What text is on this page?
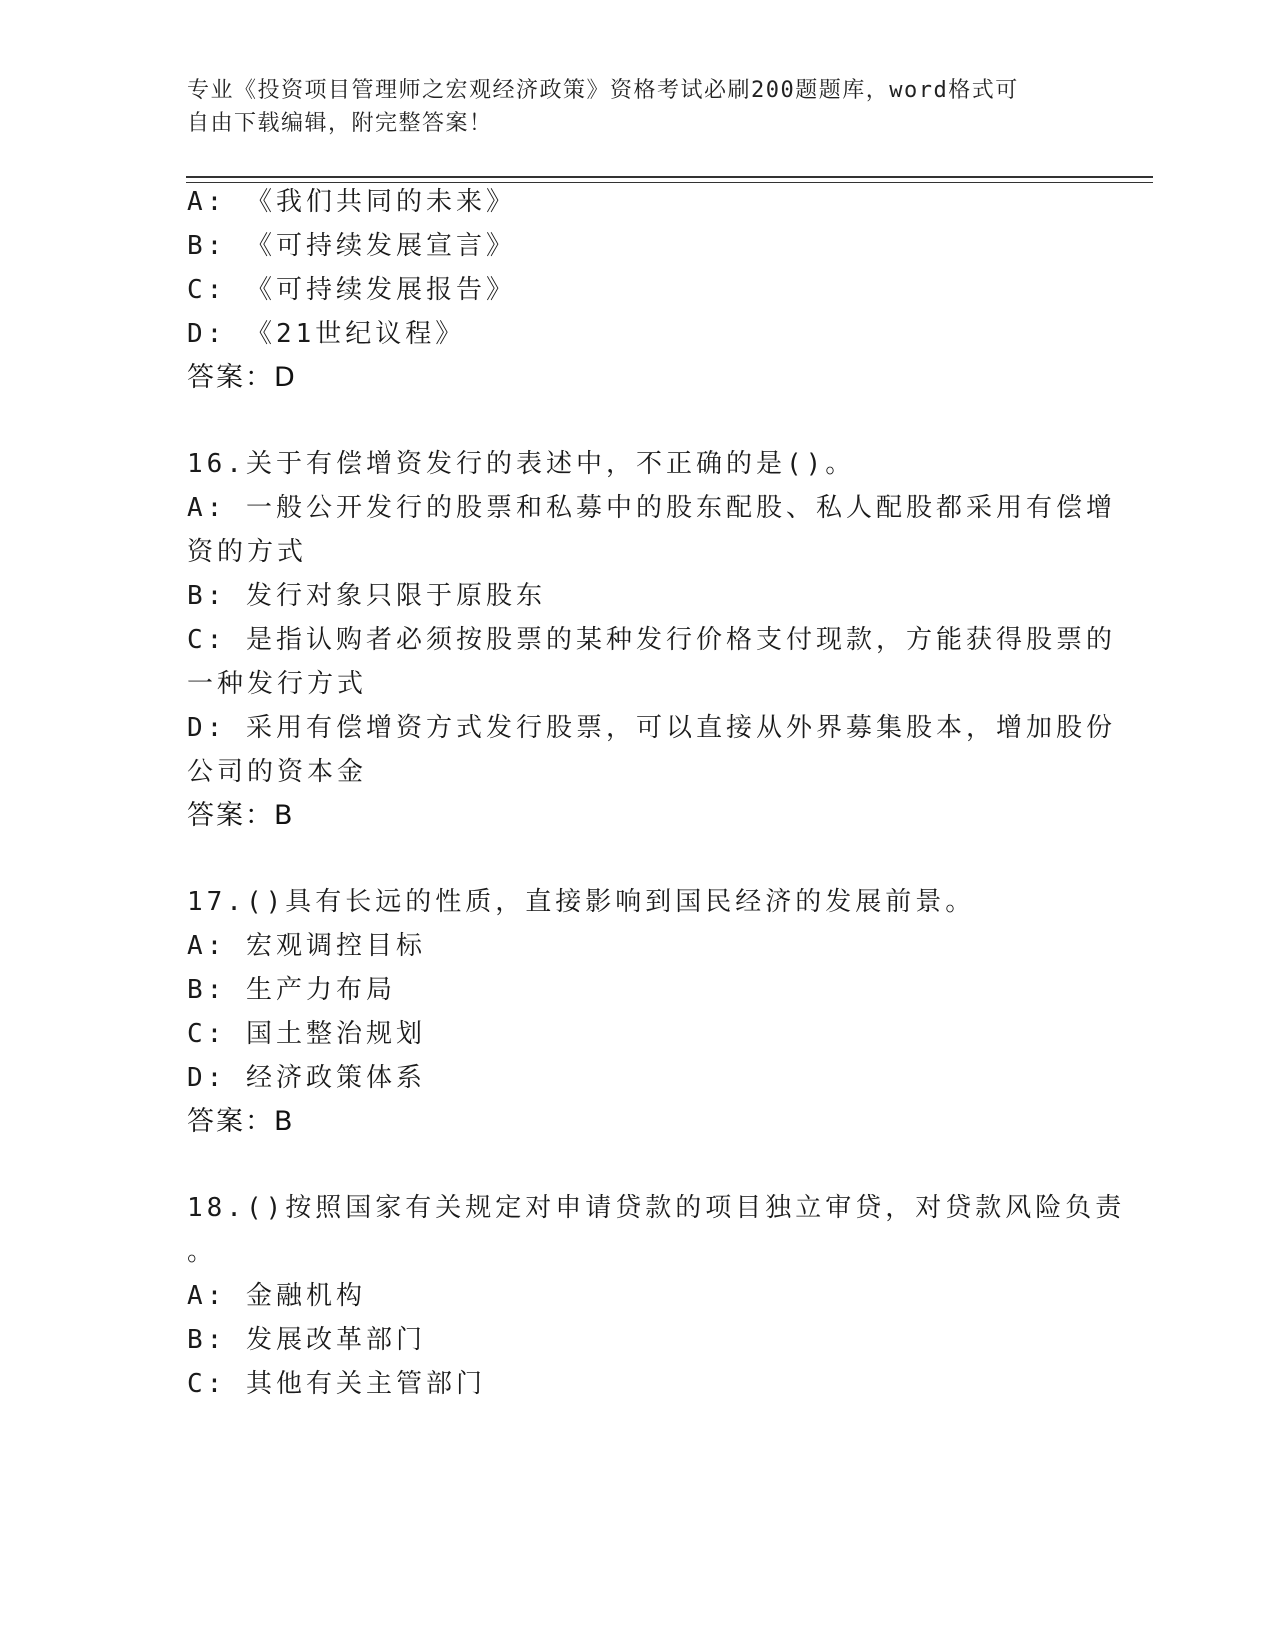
专业《投资项目管理师之宏观经济政策》资格考试必刷200题题库，word格式可
自由下载编辑，附完整答案！
A: 《我们共同的未来》
B: 《可持续发展宣言》
C: 《可持续发展报告》
D: 《21世纪议程》
答案：D
16.关于有偿增资发行的表述中，不正确的是()。
A: 一般公开发行的股票和私募中的股东配股、私人配股都采用有偿增
资的方式
B: 发行对象只限于原股东
C: 是指认购者必须按股票的某种发行价格支付现款，方能获得股票的
一种发行方式
D: 采用有偿增资方式发行股票，可以直接从外界募集股本，增加股份
公司的资本金
答案：B
17.()具有长远的性质，直接影响到国民经济的发展前景。
A: 宏观调控目标
B: 生产力布局
C: 国土整治规划
D: 经济政策体系
答案：B
18.()按照国家有关规定对申请贷款的项目独立审贷，对贷款风险负责
。
A: 金融机构
B: 发展改革部门
C: 其他有关主管部门
